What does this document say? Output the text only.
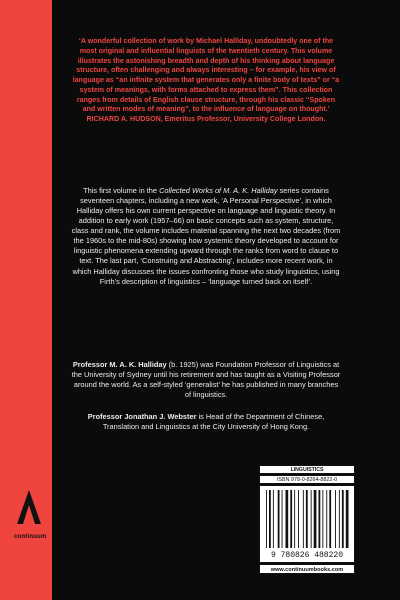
‘A wonderful collection of work by Michael Halliday, undoubtedly one of the most original and influential linguists of the twentieth century. This volume illustrates the astonishing breadth and depth of his thinking about language structure, often challenging and always interesting – for example, his view of language as “an infinite system that generates only a finite body of texts” or “a system of meanings, with forms attached to express them”. This collection ranges from details of English clause structure, through his classic “Spoken and written modes of meaning”, to the influence of language on thought.’ RICHARD A. HUDSON, Emeritus Professor, University College London.
This first volume in the Collected Works of M. A. K. Halliday series contains seventeen chapters, including a new work, ‘A Personal Perspective’, in which Halliday offers his own current perspective on language and linguistic theory. In addition to early work (1957–66) on basic concepts such as system, structure, class and rank, the volume includes material spanning the next two decades (from the 1960s to the mid-80s) showing how systemic theory developed to account for linguistic phenomena extending upward through the ranks from word to clause to text. The last part, ‘Construing and Abstracting’, includes more recent work, in which Halliday discusses the issues confronting those who study linguistics, using Firth’s description of linguistics – ‘language turned back on itself’.
Professor M. A. K. Halliday (b. 1925) was Foundation Professor of Linguistics at the University of Sydney until his retirement and has taught as a Visiting Professor around the world. As a self-styled ‘generalist’ he has published in many branches of linguistics.
Professor Jonathan J. Webster is Head of the Department of Chinese, Translation and Linguistics at the City University of Hong Kong.
LINGUISTICS
ISBN 978-0-8264-8822-0
9 780826 488220
www.continuumbooks.com
continuum
